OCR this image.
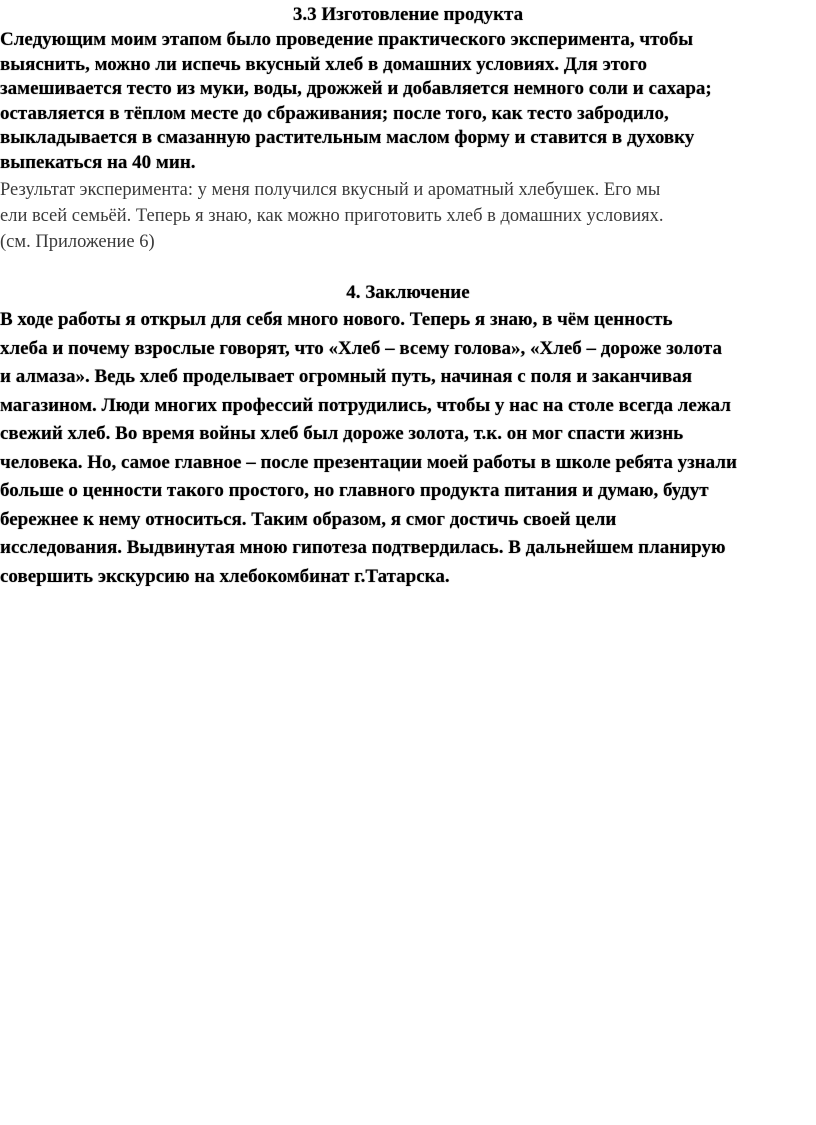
3.3 Изготовление продукта
Следующим моим этапом было проведение практического эксперимента, чтобы
выяснить, можно ли испечь вкусный хлеб в домашних условиях. Для этого
замешивается тесто из муки, воды, дрожжей и добавляется немного соли и сахара;
оставляется в тёплом месте до сбраживания; после того, как тесто забродило,
выкладывается в смазанную растительным маслом форму и ставится в духовку
выпекаться на 40 мин.
Результат эксперимента: у меня получился вкусный и ароматный хлебушек. Его мы
ели всей семьёй. Теперь я знаю, как можно приготовить хлеб в домашних условиях.
(см. Приложение 6)
4. Заключение
В ходе работы я открыл для себя много нового. Теперь я знаю, в чём ценность
хлеба и почему взрослые говорят, что «Хлеб – всему голова», «Хлеб – дороже золота
и алмаза». Ведь хлеб проделывает огромный путь, начиная с поля и заканчивая
магазином. Люди многих профессий потрудились, чтобы у нас на столе всегда лежал
свежий хлеб. Во время войны хлеб был дороже золота, т.к. он мог спасти жизнь
человека. Но, самое главное – после презентации моей работы в школе ребята узнали
больше о ценности такого простого, но главного продукта питания и думаю, будут
бережнее к нему относиться. Таким образом, я смог достичь своей цели
исследования. Выдвинутая мною гипотеза подтвердилась. В дальнейшем планирую
совершить экскурсию на хлебокомбинат г.Татарска.
